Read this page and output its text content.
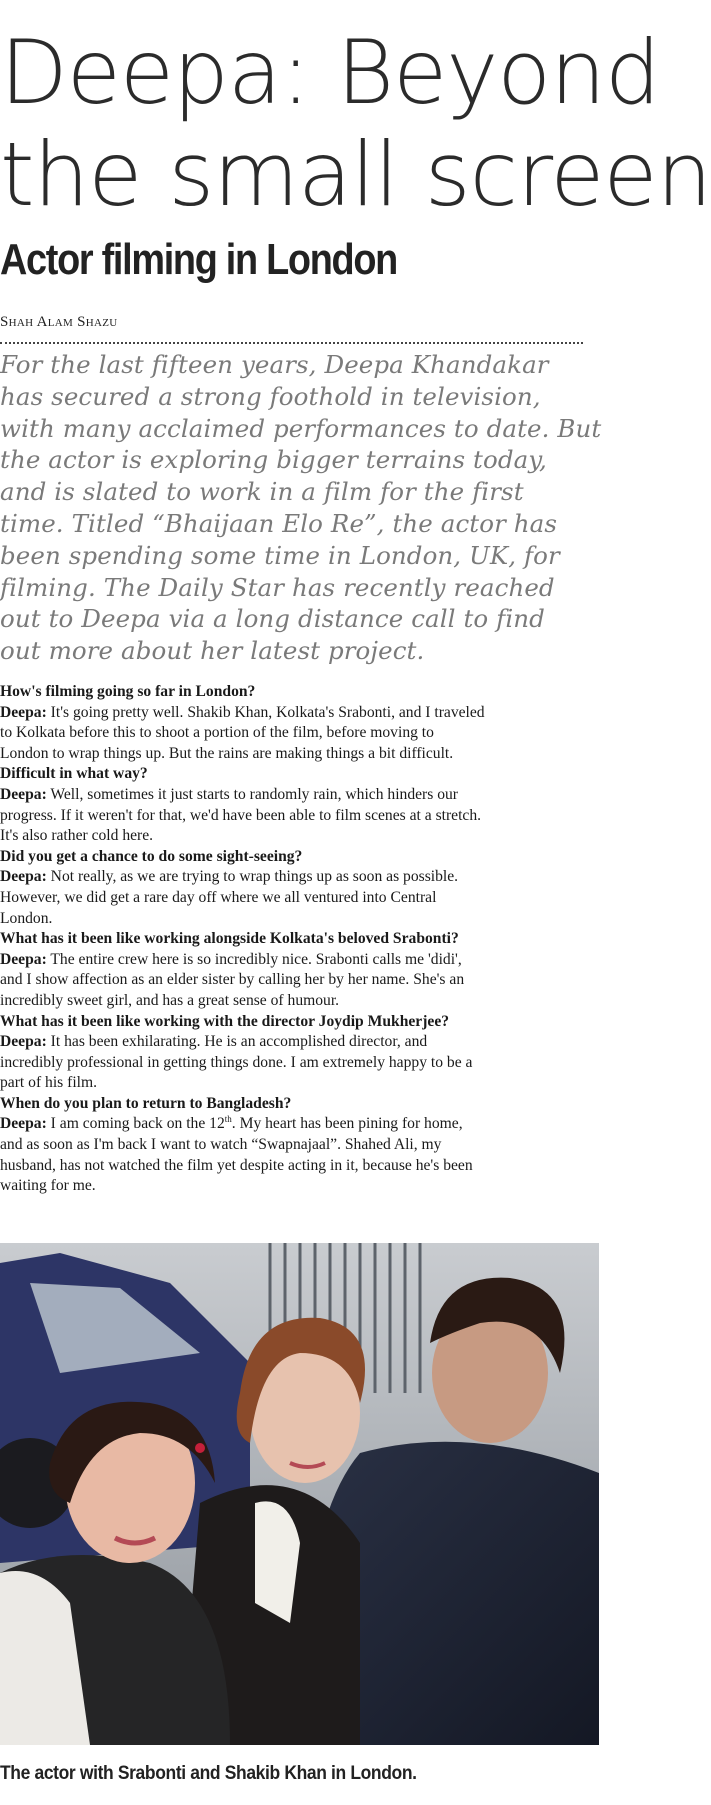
Deepa: Beyond
the small screen
Actor filming in London
Shah Alam Shazu

For the last fifteen years, Deepa Khandakar
has secured a strong foothold in television,
with many acclaimed performances to date. But
the actor is exploring bigger terrains today,
and is slated to work in a film for the first
time. Titled “Bhaijaan Elo Re”, the actor has
been spending some time in London, UK, for
filming. The Daily Star has recently reached
out to Deepa via a long distance call to find
out more about her latest project.

How's filming going so far in London?
Deepa: It's going pretty well. Shakib Khan, Kolkata's Srabonti, and I traveled
to Kolkata before this to shoot a portion of the film, before moving to
London to wrap things up. But the rains are making things a bit difficult.
Difficult in what way?
Deepa: Well, sometimes it just starts to randomly rain, which hinders our
progress. If it weren't for that, we'd have been able to film scenes at a stretch.
It's also rather cold here.
Did you get a chance to do some sight-seeing?
Deepa: Not really, as we are trying to wrap things up as soon as possible.
However, we did get a rare day off where we all ventured into Central
London.
What has it been like working alongside Kolkata's beloved Srabonti?
Deepa: The entire crew here is so incredibly nice. Srabonti calls me 'didi',
and I show affection as an elder sister by calling her by her name. She's an
incredibly sweet girl, and has a great sense of humour.
What has it been like working with the director Joydip Mukherjee?
Deepa: It has been exhilarating. He is an accomplished director, and
incredibly professional in getting things done. I am extremely happy to be a
part of his film.
When do you plan to return to Bangladesh?
Deepa: I am coming back on the 12th. My heart has been pining for home,
and as soon as I'm back I want to watch “Swapnajaal”. Shahed Ali, my
husband, has not watched the film yet despite acting in it, because he's been
waiting for me.
The actor with Srabonti and Shakib Khan in London.
